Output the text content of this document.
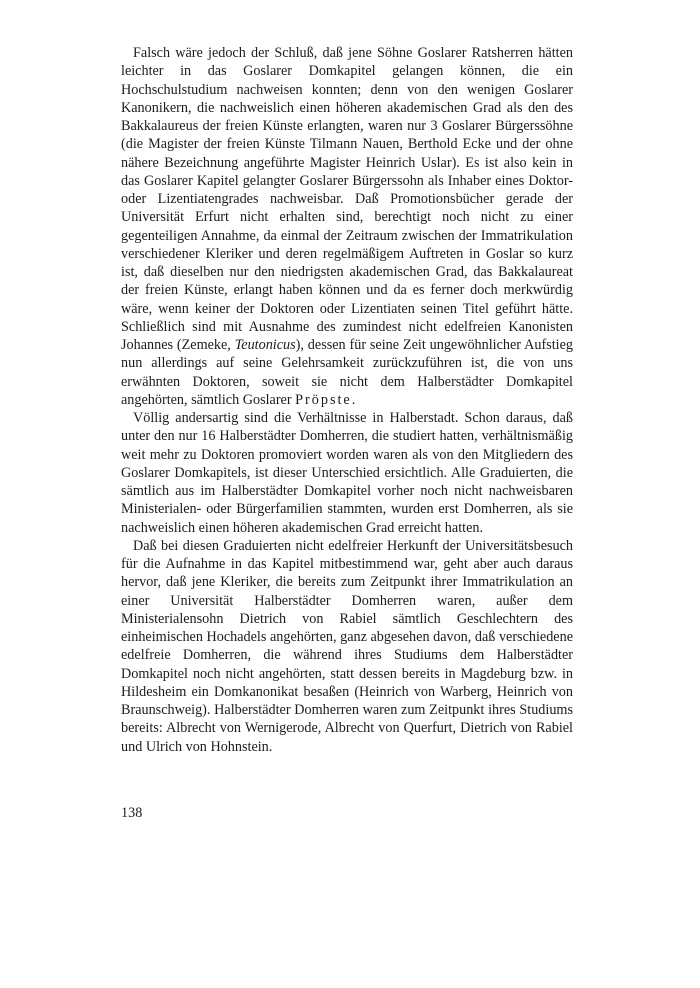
Falsch wäre jedoch der Schluß, daß jene Söhne Goslarer Ratsherren hätten leichter in das Goslarer Domkapitel gelangen können, die ein Hochschulstudium nachweisen konnten; denn von den wenigen Goslarer Kanonikern, die nachweislich einen höheren akademischen Grad als den des Bakkalaureus der freien Künste erlangten, waren nur 3 Goslarer Bürgerssöhne (die Magister der freien Künste Tilmann Nauen, Berthold Ecke und der ohne nähere Bezeichnung angeführte Magister Heinrich Uslar). Es ist also kein in das Goslarer Kapitel gelangter Goslarer Bürgerssohn als Inhaber eines Doktor- oder Lizentiatengrades nachweisbar. Daß Promotionsbücher gerade der Universität Erfurt nicht erhalten sind, berechtigt noch nicht zu einer gegenteiligen Annahme, da einmal der Zeitraum zwischen der Immatrikulation verschiedener Kleriker und deren regelmäßigem Auftreten in Goslar so kurz ist, daß dieselben nur den niedrigsten akademischen Grad, das Bakkalaureat der freien Künste, erlangt haben können und da es ferner doch merkwürdig wäre, wenn keiner der Doktoren oder Lizentiaten seinen Titel geführt hätte. Schließlich sind mit Ausnahme des zumindest nicht edelfreien Kanonisten Johannes (Zemeke, Teutonicus), dessen für seine Zeit ungewöhnlicher Aufstieg nun allerdings auf seine Gelehrsamkeit zurückzuführen ist, die von uns erwähnten Doktoren, soweit sie nicht dem Halberstädter Domkapitel angehörten, sämtlich Goslarer Pröpste.

Völlig andersartig sind die Verhältnisse in Halberstadt. Schon daraus, daß unter den nur 16 Halberstädter Domherren, die studiert hatten, verhältnismäßig weit mehr zu Doktoren promoviert worden waren als von den Mitgliedern des Goslarer Domkapitels, ist dieser Unterschied ersichtlich. Alle Graduierten, die sämtlich aus im Halberstädter Domkapitel vorher noch nicht nachweisbaren Ministerialen- oder Bürgerfamilien stammten, wurden erst Domherren, als sie nachweislich einen höheren akademischen Grad erreicht hatten.

Daß bei diesen Graduierten nicht edelfreier Herkunft der Universitätsbesuch für die Aufnahme in das Kapitel mitbestimmend war, geht aber auch daraus hervor, daß jene Kleriker, die bereits zum Zeitpunkt ihrer Immatrikulation an einer Universität Halberstädter Domherren waren, außer dem Ministerialensohn Dietrich von Rabiel sämtlich Geschlechtern des einheimischen Hochadels angehörten, ganz abgesehen davon, daß verschiedene edelfreie Domherren, die während ihres Studiums dem Halberstädter Domkapitel noch nicht angehörten, statt dessen bereits in Magdeburg bzw. in Hildesheim ein Domkanonikat besaßen (Heinrich von Warberg, Heinrich von Braunschweig). Halberstädter Domherren waren zum Zeitpunkt ihres Studiums bereits: Albrecht von Wernigerode, Albrecht von Querfurt, Dietrich von Rabiel und Ulrich von Hohnstein.

138
